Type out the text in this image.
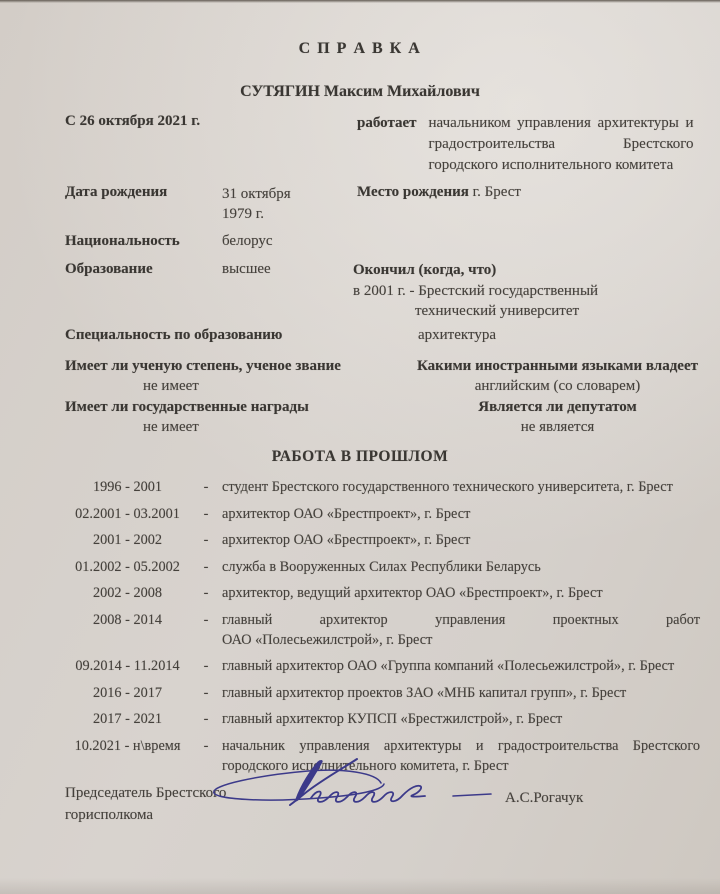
С П Р А В К А
СУТЯГИН Максим Михайлович
С 26 октября 2021 г.	работает начальником управления архитектуры и градостроительства Брестского городского исполнительного комитета
Дата рождения	31 октября 1979 г.
Место рождения г. Брест
Национальность	белорус
Образование	высшее	Окончил (когда, что)
в 2001 г. - Брестский государственный
технический университет
Специальность по образованию	архитектура
Имеет ли ученую степень, ученое звание
не имеет
Какими иностранными языками владеет
английским (со словарем)
Имеет ли государственные награды
не имеет
Является ли депутатом
не является
РАБОТА В ПРОШЛОМ
1996 - 2001	- студент Брестского государственного технического университета, г. Брест
02.2001 - 03.2001	- архитектор ОАО «Брестпроект», г. Брест
2001 - 2002	- архитектор ОАО «Брестпроект», г. Брест
01.2002 - 05.2002	- служба в Вооруженных Силах Республики Беларусь
2002 - 2008	- архитектор, ведущий архитектор ОАО «Брестпроект», г. Брест
2008 - 2014	- главный архитектор управления проектных работ ОАО «Полесьежилстрой», г. Брест
09.2014 - 11.2014	- главный архитектор ОАО «Группа компаний «Полесьежилстрой», г. Брест
2016 - 2017	- главный архитектор проектов ЗАО «МНБ капитал групп», г. Брест
2017 - 2021	- главный архитектор КУПСП «Брестжилстрой», г. Брест
10.2021 - н\время	- начальник управления архитектуры и градостроительства Брестского городского исполнительного комитета, г. Брест
Председатель Брестского
горисполкома
А.С.Рогачук
